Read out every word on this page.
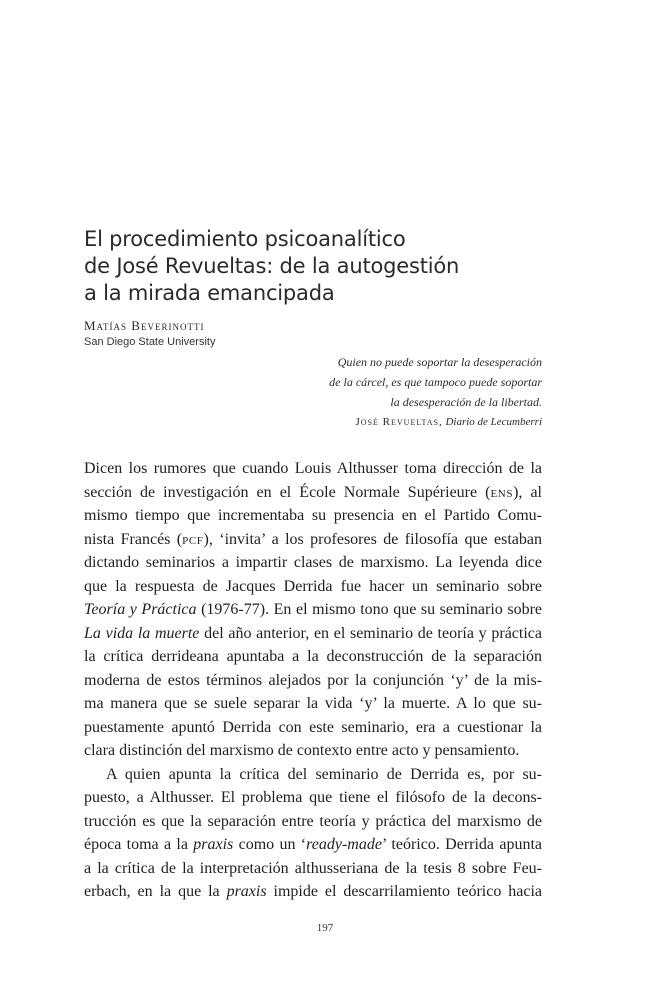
El procedimiento psicoanalítico
de José Revueltas: de la autogestión
a la mirada emancipada
Matías Beverinotti
San Diego State University
Quien no puede soportar la desesperación
de la cárcel, es que tampoco puede soportar
la desesperación de la libertad.
José Revueltas, Diario de Lecumberri
Dicen los rumores que cuando Louis Althusser toma dirección de la
sección de investigación en el École Normale Supérieure (ens), al
mismo tiempo que incrementaba su presencia en el Partido Comu-
nista Francés (pcf), ‘invita’ a los profesores de filosofía que estaban
dictando seminarios a impartir clases de marxismo. La leyenda dice
que la respuesta de Jacques Derrida fue hacer un seminario sobre
Teoría y Práctica (1976-77). En el mismo tono que su seminario sobre
La vida la muerte del año anterior, en el seminario de teoría y práctica
la crítica derrideana apuntaba a la deconstrucción de la separación
moderna de estos términos alejados por la conjunción ‘y’ de la mis-
ma manera que se suele separar la vida ‘y’ la muerte. A lo que su-
puestamente apuntó Derrida con este seminario, era a cuestionar la
clara distinción del marxismo de contexto entre acto y pensamiento.
A quien apunta la crítica del seminario de Derrida es, por su-
puesto, a Althusser. El problema que tiene el filósofo de la decons-
trucción es que la separación entre teoría y práctica del marxismo de
época toma a la praxis como un ‘ready-made’ teórico. Derrida apunta
a la crítica de la interpretación althusseriana de la tesis 8 sobre Feu-
erbach, en la que la praxis impide el descarrilamiento teórico hacia
197
